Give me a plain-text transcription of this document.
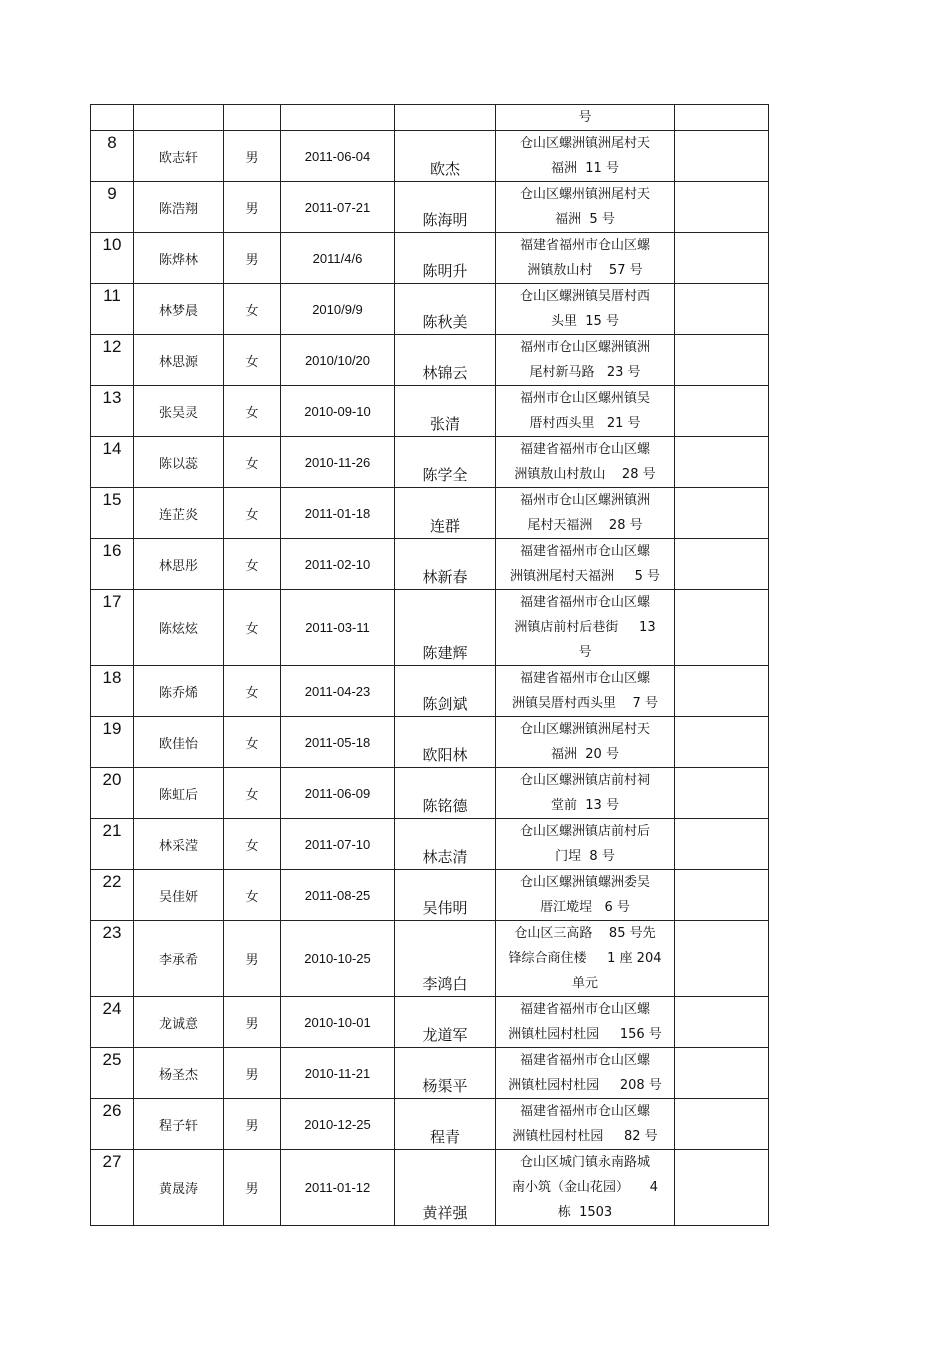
					号	

8	欧志轩	男	2011-06-04	欧杰	仓山区螺洲镇洲尾村天
福洲  11 号	

9	陈浩翔	男	2011-07-21	陈海明	仓山区螺州镇洲尾村天
福洲  5 号	

10	陈烨林	男	2011/4/6	陈明升	福建省福州市仓山区螺
洲镇敖山村    57 号	

11	林梦晨	女	2010/9/9	陈秋美	仓山区螺洲镇吴厝村西
头里  15 号	

12	林思源	女	2010/10/20	林锦云	福州市仓山区螺洲镇洲
尾村新马路   23 号	

13	张吴灵	女	2010-09-10	张清	福州市仓山区螺州镇吴
厝村西头里   21 号	

14	陈以蕊	女	2010-11-26	陈学全	福建省福州市仓山区螺
洲镇敖山村敖山    28 号	

15	连芷炎	女	2011-01-18	连群	福州市仓山区螺洲镇洲
尾村天福洲    28 号	

16	林思彤	女	2011-02-10	林新春	福建省福州市仓山区螺
洲镇洲尾村天福洲     5 号	

17	陈炫炫	女	2011-03-11	陈建辉	福建省福州市仓山区螺
洲镇店前村后巷街     13
号	

18	陈乔烯	女	2011-04-23	陈剑斌	福建省福州市仓山区螺
洲镇吴厝村西头里    7 号	

19	欧佳怡	女	2011-05-18	欧阳林	仓山区螺洲镇洲尾村天
福洲  20 号	

20	陈虹后	女	2011-06-09	陈铭德	仓山区螺洲镇店前村祠
堂前  13 号	

21	林采滢	女	2011-07-10	林志清	仓山区螺洲镇店前村后
门埕  8 号	

22	吴佳妍	女	2011-08-25	吴伟明	仓山区螺洲镇螺洲委吴
厝江墘埕   6 号	

23	李承希	男	2010-10-25	李鸿白	仓山区三高路    85 号先
锋综合商住楼     1 座 204
单元	

24	龙诚意	男	2010-10-01	龙道军	福建省福州市仓山区螺
洲镇杜园村杜园     156 号	

25	杨圣杰	男	2010-11-21	杨渠平	福建省福州市仓山区螺
洲镇杜园村杜园     208 号	

26	程子轩	男	2010-12-25	程青	福建省福州市仓山区螺
洲镇杜园村杜园     82 号	

27	黄晟涛	男	2011-01-12	黄祥强	仓山区城门镇永南路城
南小筑（金山花园）     4
栋  1503	
